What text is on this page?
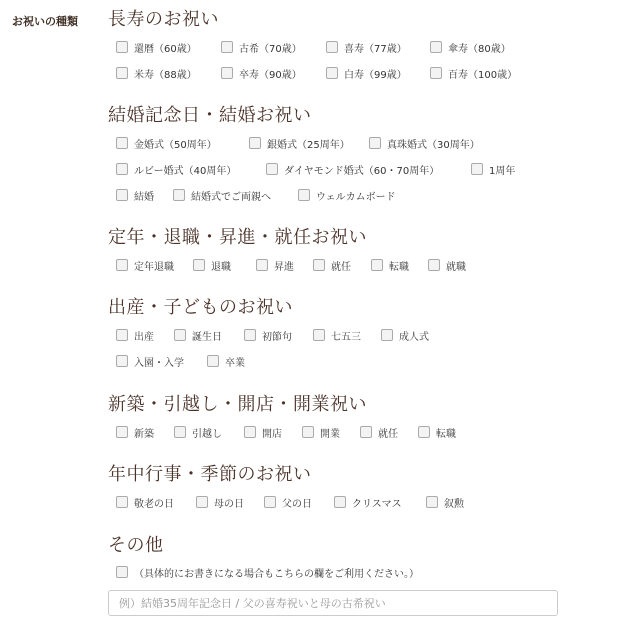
お祝いの種類 長寿のお祝い
還暦（60歳）	古希（70歳）	喜寿（77歳）	傘寿（80歳）
米寿（88歳）	卒寿（90歳）	白寿（99歳）	百寿（100歳）
結婚記念日・結婚お祝い
金婚式（50周年）	銀婚式（25周年）	真珠婚式（30周年）
ルビー婚式（40周年）	ダイヤモンド婚式（60・70周年）	1周年
結婚	結婚式でご両親へ	ウェルカムボード
定年・退職・昇進・就任お祝い
定年退職	退職	昇進	就任	転職	就職
出産・子どものお祝い
出産	誕生日	初節句	七五三	成人式
入園・入学	卒業
新築・引越し・開店・開業祝い
新築	引越し	開店	開業	就任	転職
年中行事・季節のお祝い
敬老の日	母の日	父の日	クリスマス	叙勲
その他
（具体的にお書きになる場合もこちらの欄をご利用ください。）
例）結婚35周年記念日 / 父の喜寿祝いと母の古希祝い
